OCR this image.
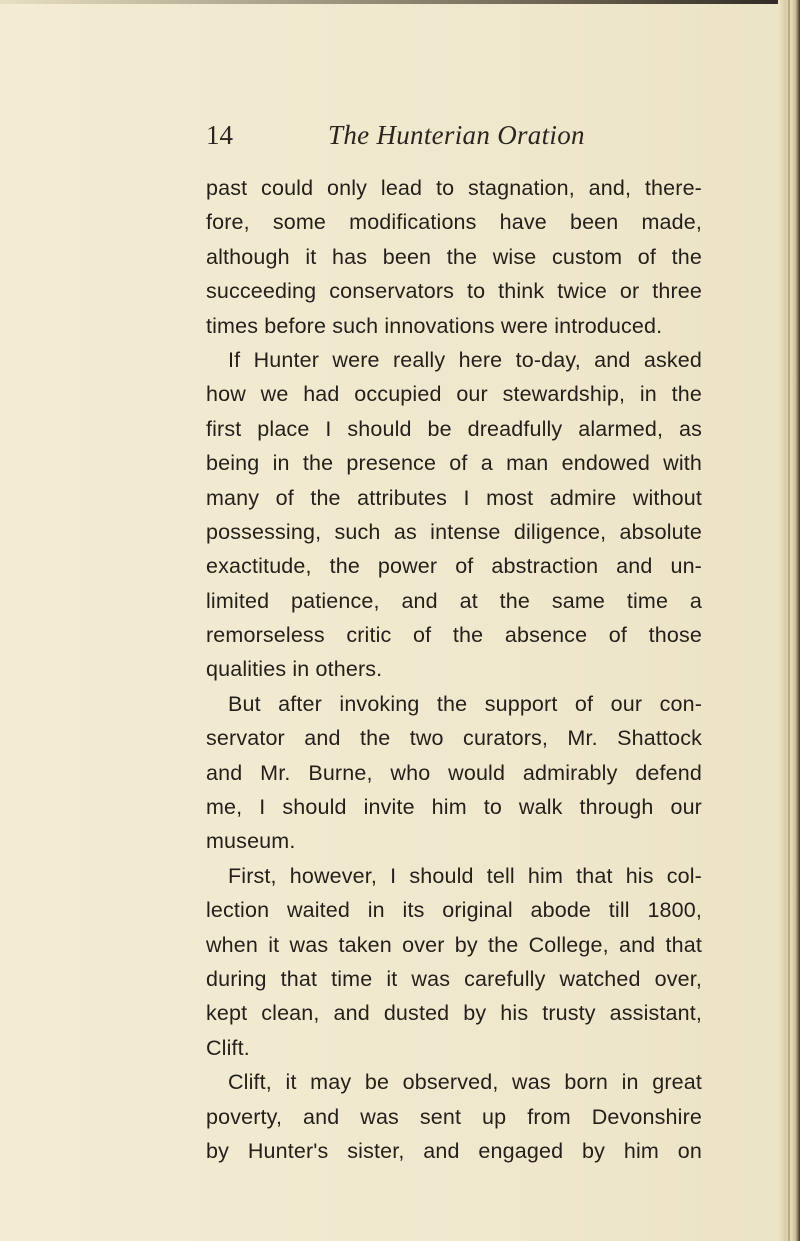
14	The Hunterian Oration
past could only lead to stagnation, and, there-
fore, some modifications have been made,
although it has been the wise custom of the
succeeding conservators to think twice or three
times before such innovations were introduced.
If Hunter were really here to-day, and asked
how we had occupied our stewardship, in the
first place I should be dreadfully alarmed, as
being in the presence of a man endowed with
many of the attributes I most admire without
possessing, such as intense diligence, absolute
exactitude, the power of abstraction and un-
limited patience, and at the same time a
remorseless critic of the absence of those
qualities in others.
But after invoking the support of our con-
servator and the two curators, Mr. Shattock
and Mr. Burne, who would admirably defend
me, I should invite him to walk through our
museum.
First, however, I should tell him that his col-
lection waited in its original abode till 1800,
when it was taken over by the College, and that
during that time it was carefully watched over,
kept clean, and dusted by his trusty assistant,
Clift.
Clift, it may be observed, was born in great
poverty, and was sent up from Devonshire
by Hunter's sister, and engaged by him on
